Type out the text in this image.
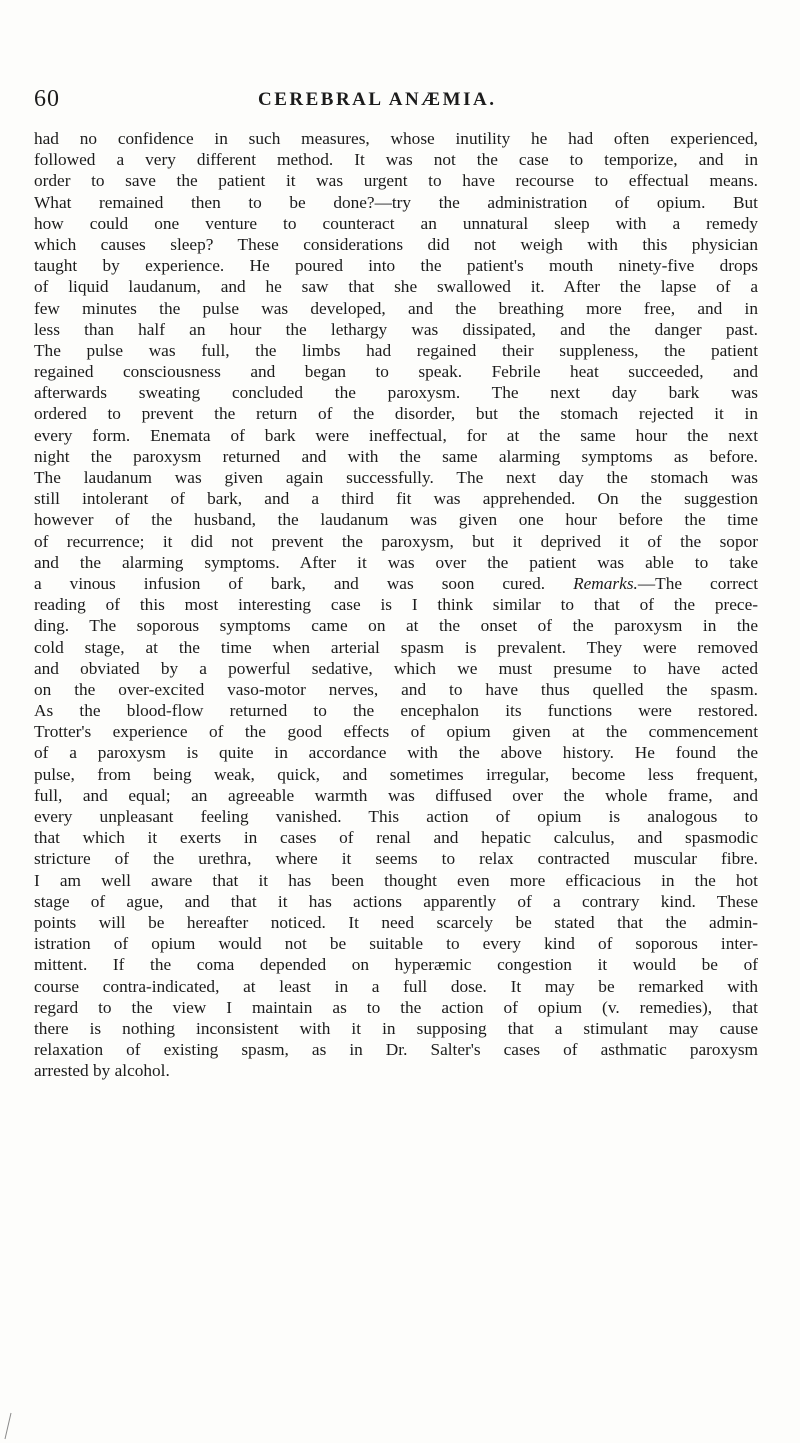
60	CEREBRAL ANÆMIA.
had no confidence in such measures, whose inutility he had often experienced,
followed a very different method. It was not the case to temporize, and in
order to save the patient it was urgent to have recourse to effectual means.
What remained then to be done?—try the administration of opium. But
how could one venture to counteract an unnatural sleep with a remedy
which causes sleep? These considerations did not weigh with this physician
taught by experience. He poured into the patient's mouth ninety-five drops
of liquid laudanum, and he saw that she swallowed it. After the lapse of a
few minutes the pulse was developed, and the breathing more free, and in
less than half an hour the lethargy was dissipated, and the danger past.
The pulse was full, the limbs had regained their suppleness, the patient
regained consciousness and began to speak. Febrile heat succeeded, and
afterwards sweating concluded the paroxysm. The next day bark was
ordered to prevent the return of the disorder, but the stomach rejected it in
every form. Enemata of bark were ineffectual, for at the same hour the next
night the paroxysm returned and with the same alarming symptoms as before.
The laudanum was given again successfully. The next day the stomach was
still intolerant of bark, and a third fit was apprehended. On the suggestion
however of the husband, the laudanum was given one hour before the time
of recurrence; it did not prevent the paroxysm, but it deprived it of the sopor
and the alarming symptoms. After it was over the patient was able to take
a vinous infusion of bark, and was soon cured. Remarks.—The correct
reading of this most interesting case is I think similar to that of the prece-
ding. The soporous symptoms came on at the onset of the paroxysm in the
cold stage, at the time when arterial spasm is prevalent. They were removed
and obviated by a powerful sedative, which we must presume to have acted
on the over-excited vaso-motor nerves, and to have thus quelled the spasm.
As the blood-flow returned to the encephalon its functions were restored.
Trotter's experience of the good effects of opium given at the commencement
of a paroxysm is quite in accordance with the above history. He found the
pulse, from being weak, quick, and sometimes irregular, become less frequent,
full, and equal; an agreeable warmth was diffused over the whole frame, and
every unpleasant feeling vanished. This action of opium is analogous to
that which it exerts in cases of renal and hepatic calculus, and spasmodic
stricture of the urethra, where it seems to relax contracted muscular fibre.
I am well aware that it has been thought even more efficacious in the hot
stage of ague, and that it has actions apparently of a contrary kind. These
points will be hereafter noticed. It need scarcely be stated that the admin-
istration of opium would not be suitable to every kind of soporous inter-
mittent. If the coma depended on hyperæmic congestion it would be of
course contra-indicated, at least in a full dose. It may be remarked with
regard to the view I maintain as to the action of opium (v. remedies), that
there is nothing inconsistent with it in supposing that a stimulant may cause
relaxation of existing spasm, as in Dr. Salter's cases of asthmatic paroxysm
arrested by alcohol.
